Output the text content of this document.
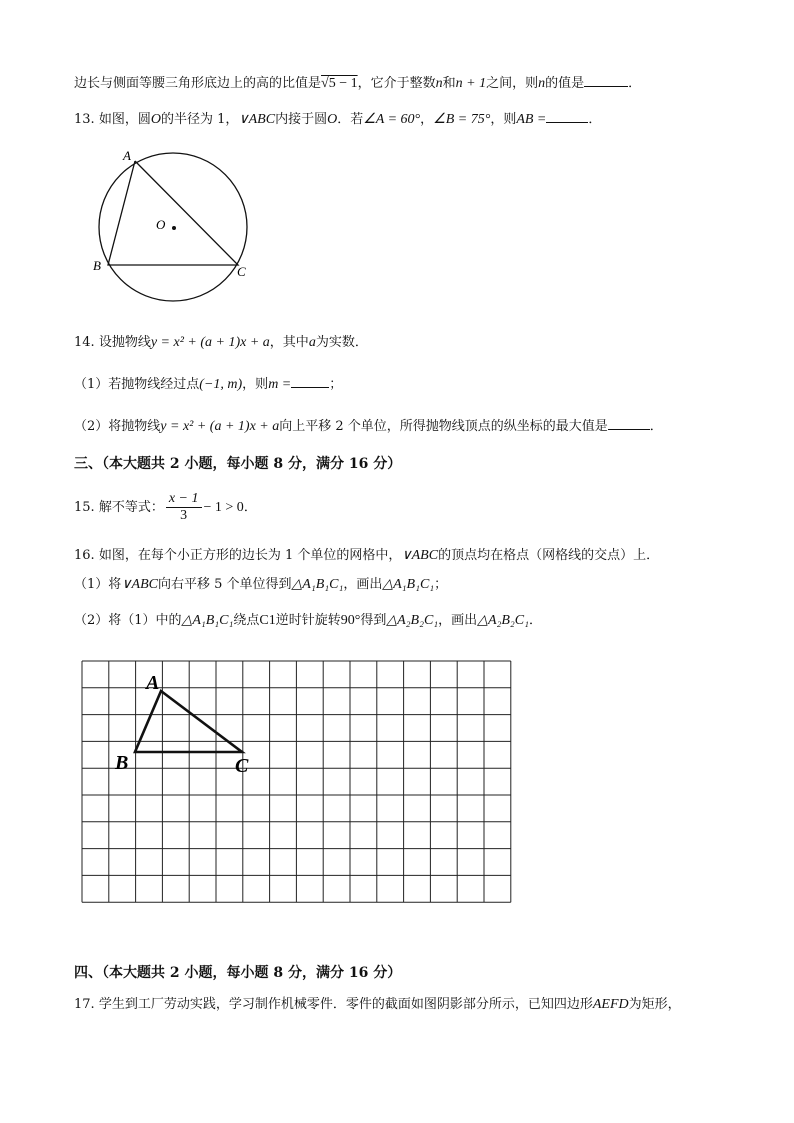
边长与侧面等腰三角形底边上的高的比值是√5 − 1，它介于整数n和n + 1之间，则n的值是	．
13. 如图，圆O的半径为 1，∨ABC内接于圆O．若∠A = 60°，∠B = 75°，则AB =	．
A
B	C
O
14. 设抛物线y = x² + (a + 1)x + a，其中a为实数．
（1）若抛物线经过点(−1, m)，则m =	；
（2）将抛物线y = x² + (a + 1)x + a向上平移 2 个单位，所得抛物线顶点的纵坐标的最大值是	．
三、（本大题共 2 小题，每小题 8 分，满分 16 分）
15. 解不等式： $\frac{x - 1}{3} - 1 > 0$．
16. 如图，在每个小正方形的边长为 1 个单位的网格中，∨ABC的顶点均在格点（网格线的交点）上．
（1）将∨ABC向右平移 5 个单位得到△A₁B₁C₁，画出△A₁B₁C₁；
（2）将（1）中的△A₁B₁C₁绕点C1逆时针旋转90°得到△A₂B₂C₁，画出△A₂B₂C₁．
A
B	C
四、（本大题共 2 小题，每小题 8 分，满分 16 分）
17. 学生到工厂劳动实践，学习制作机械零件．零件的截面如图阴影部分所示，已知四边形AEFD为矩形，
